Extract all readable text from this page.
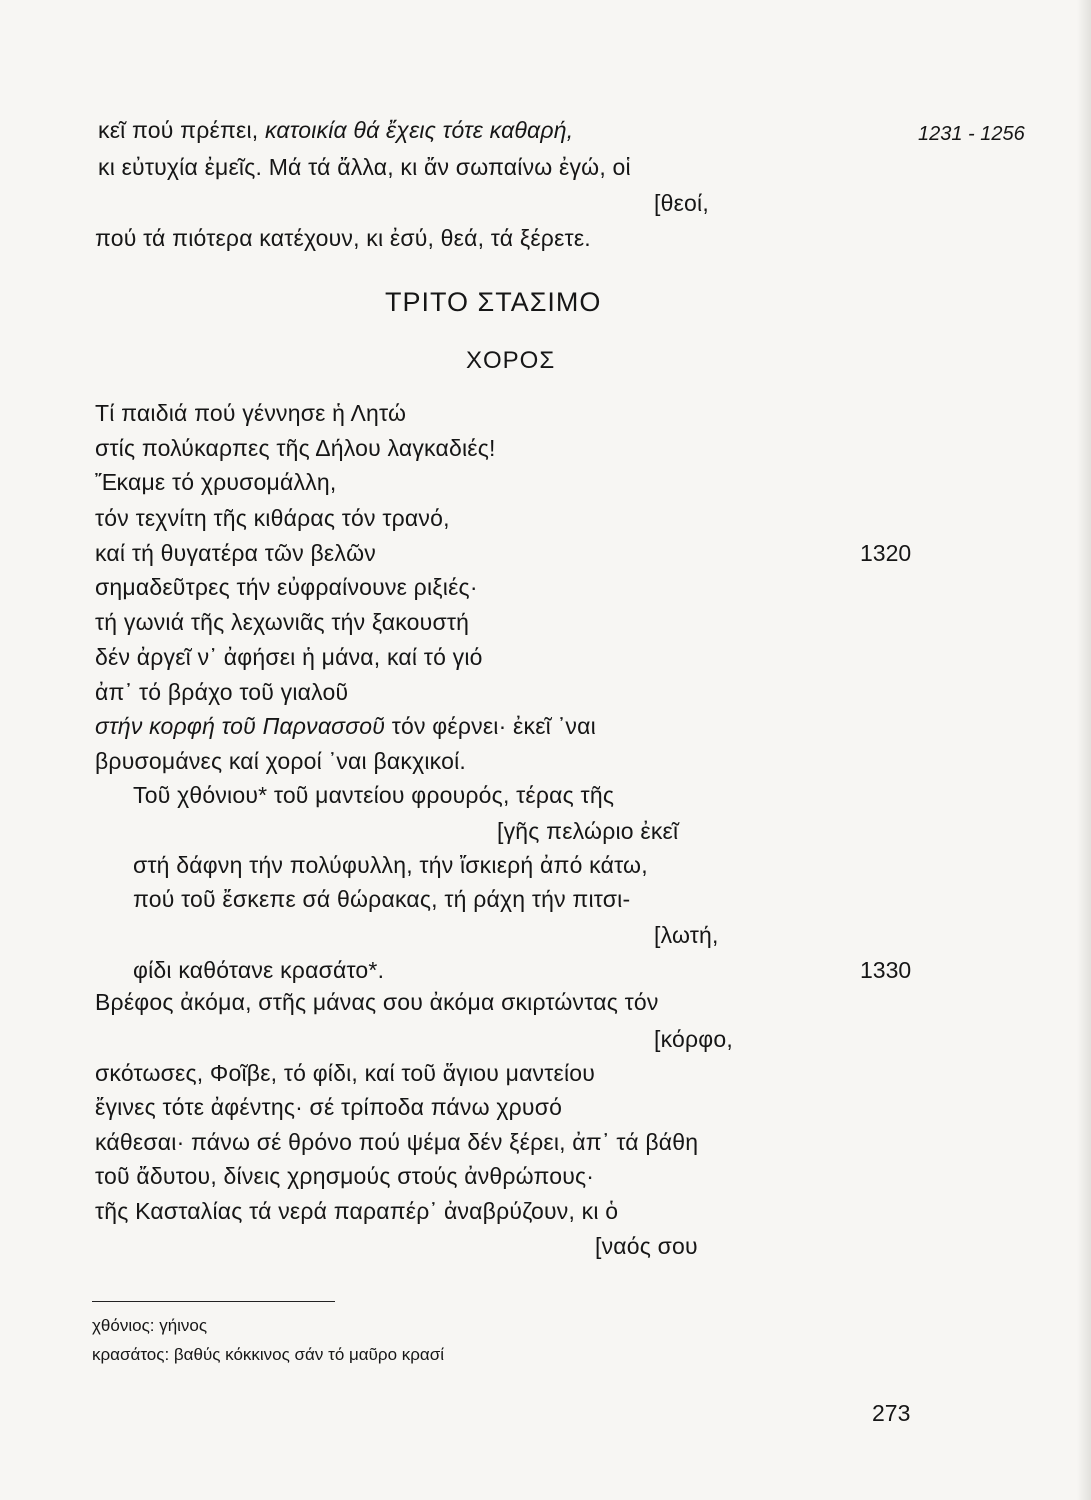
1231 - 1256
κεῖ πού πρέπει, κατοικία θά ἔχεις τότε καθαρή,
κι εὐτυχία ἐμεῖς. Μά τά ἄλλα, κι ἄν σωπαίνω ἐγώ, οἱ
[θεοί,
πού τά πιότερα κατέχουν, κι ἐσύ, θεά, τά ξέρετε.
ΤΡΙΤΟ ΣΤΑΣΙΜΟ
ΧΟΡΟΣ
Τί παιδιά πού γέννησε ἡ Λητώ
στίς πολύκαρπες τῆς Δήλου λαγκαδιές!
Ἔκαμε τό χρυσομάλλη,
τόν τεχνίτη τῆς κιθάρας τόν τρανό,
καί τή θυγατέρα τῶν βελῶν
σημαδεῦτρες τήν εὐφραίνουνε ριξιές·
τή γωνιά τῆς λεχωνιᾶς τήν ξακουστή
δέν ἀργεῖ ν᾽ ἀφήσει ἡ μάνα, καί τό γιό
ἀπ᾽ τό βράχο τοῦ γιαλοῦ
στήν κορφή τοῦ Παρνασσοῦ τόν φέρνει· ἐκεῖ ᾽ναι
βρυσομάνες καί χοροί ᾽ναι βακχικοί.
Τοῦ χθόνιου* τοῦ μαντείου φρουρός, τέρας τῆς
[γῆς πελώριο ἐκεῖ
στή δάφνη τήν πολύφυλλη, τήν ἴσκιερή ἀπό κάτω,
πού τοῦ ἔσκεπε σά θώρακας, τή ράχη τήν πιτσι-
[λωτή,
φίδι καθότανε κρασάτο*.
Βρέφος ἀκόμα, στῆς μάνας σου ἀκόμα σκιρτώντας τόν
[κόρφο,
σκότωσες, Φοῖβε, τό φίδι, καί τοῦ ἅγιου μαντείου
ἔγινες τότε ἀφέντης· σέ τρίποδα πάνω χρυσό
κάθεσαι· πάνω σέ θρόνο πού ψέμα δέν ξέρει, ἀπ᾽ τά βάθη
τοῦ ἄδυτου, δίνεις χρησμούς στούς ἀνθρώπους·
τῆς Κασταλίας τά νερά παραπέρ᾽ ἀναβρύζουν, κι ὁ
[ναός σου
1320
1330
χθόνιος: γήινος
κρασάτος: βαθύς κόκκινος σάν τό μαῦρο κρασί
273
